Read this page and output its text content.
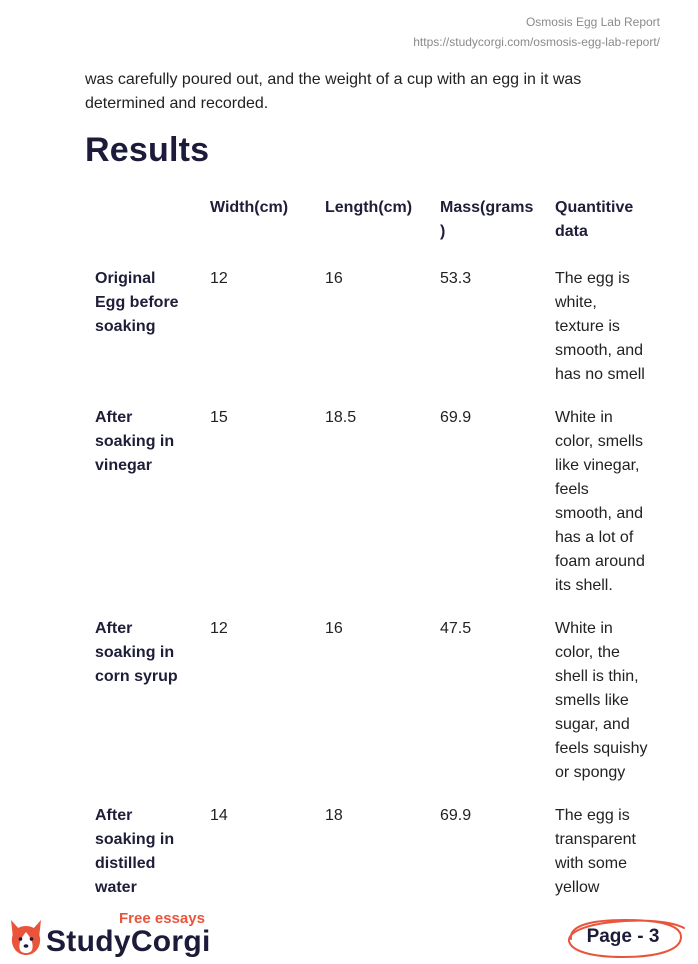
Osmosis Egg Lab Report
https://studycorgi.com/osmosis-egg-lab-report/

was carefully poured out, and the weight of a cup with an egg in it was determined and recorded.

Results
	Width(cm)	Length(cm)	Mass(grams)	Quantitive data
Original Egg before soaking	12	16	53.3	The egg is white, texture is smooth, and has no smell
After soaking in vinegar	15	18.5	69.9	White in color, smells like vinegar, feels smooth, and has a lot of foam around its shell.
After soaking in corn syrup	12	16	47.5	White in color, the shell is thin, smells like sugar, and feels squishy or spongy
After soaking in distilled water	14	18	69.9	The egg is transparent with some yellow
Free essays
StudyCorgi	Page - 3
